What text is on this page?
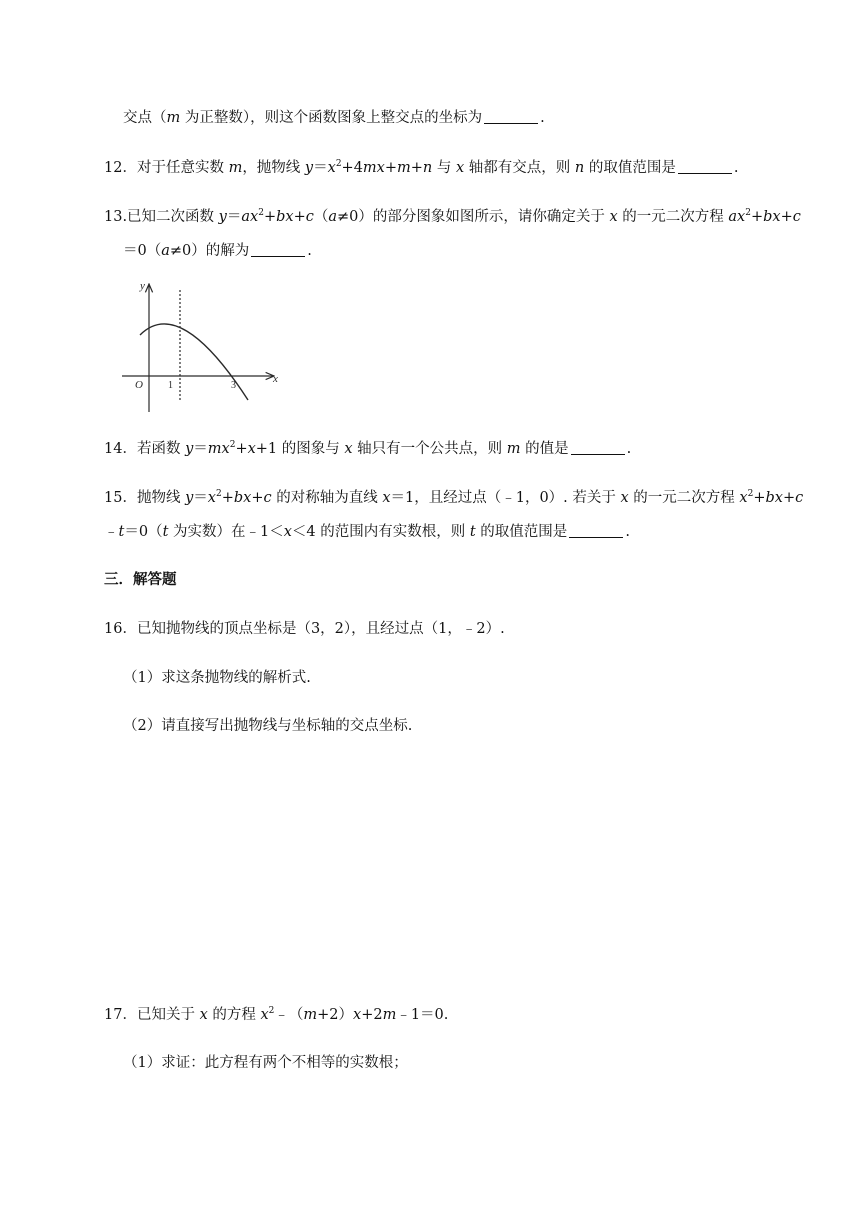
交点（m 为正整数），则这个函数图象上整交点的坐标为	.
12．对于任意实数 m，抛物线 $y=x^2+4mx+m+n$ 与 x 轴都有交点，则 n 的取值范围是	.
13.已知二次函数 $y=ax^2+bx+c(a\ne 0)$的部分图象如图所示，请你确定关于 x 的一元二次方程 $ax^2+bx+c$
＝0（a≠0）的解为	.
y
x
O	1	3
14．若函数 $y=mx^2+x+1$ 的图象与 x 轴只有一个公共点，则 m 的值是	.
15．抛物线 $y=x^2+bx+c$ 的对称轴为直线 x＝1，且经过点（﹣1，0）. 若关于 x 的一元二次方程 $x^2+bx+c$
﹣t＝0（t 为实数）在﹣1＜x＜4 的范围内有实数根，则 t 的取值范围是	.
三．解答题
16．已知抛物线的顶点坐标是（3，2），且经过点（1，﹣2）.
（1）求这条抛物线的解析式.
（2）请直接写出抛物线与坐标轴的交点坐标.
17．已知关于 x 的方程 $x^2﹣(m+2)x+2m﹣1=0$.
（1）求证：此方程有两个不相等的实数根；
